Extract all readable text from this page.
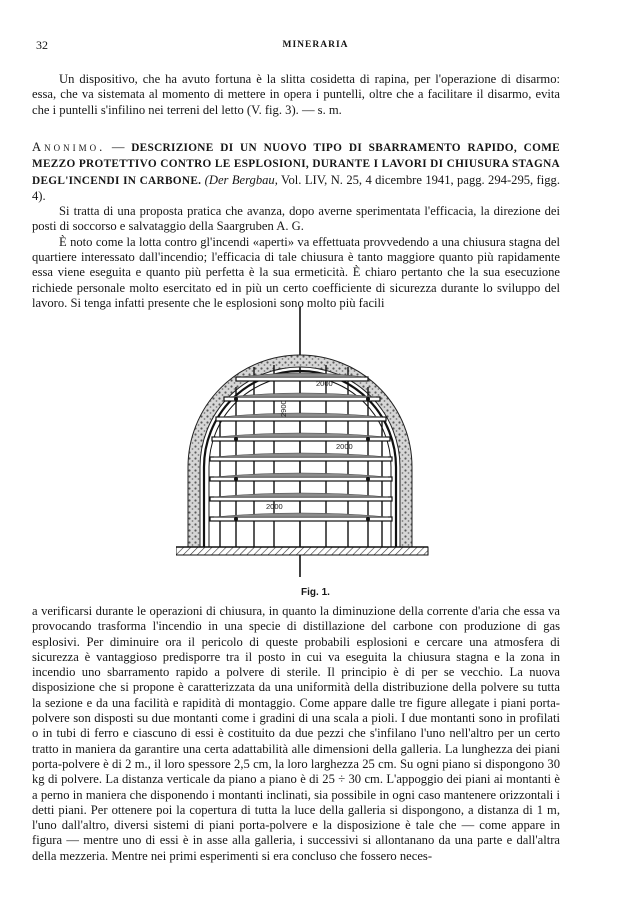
32	MINERARIA

Un dispositivo, che ha avuto fortuna è la slitta cosidetta di rapina, per l'operazione di disarmo: essa, che va sistemata al momento di mettere in opera i puntelli, oltre che a facilitare il disarmo, evita che i puntelli s'infilino nei terreni del letto (V. fig. 3). — s. m.

Anonimo. — DESCRIZIONE DI UN NUOVO TIPO DI SBARRAMENTO RAPIDO, COME MEZZO PROTETTIVO CONTRO LE ESPLOSIONI, DURANTE I LAVORI DI CHIUSURA STAGNA DEGL'INCENDI IN CARBONE. (Der Bergbau, Vol. LIV, N. 25, 4 dicembre 1941, pagg. 294-295, figg. 4).

Si tratta di una proposta pratica che avanza, dopo averne sperimentata l'efficacia, la direzione dei posti di soccorso e salvataggio della Saargruben A. G.

È noto come la lotta contro gl'incendi «aperti» va effettuata provvedendo a una chiusura stagna del quartiere interessato dall'incendio; l'efficacia di tale chiusura è tanto maggiore quanto più rapidamente essa viene eseguita e quanto più perfetta è la sua ermeticità. È chiaro pertanto che la sua esecuzione richiede personale molto esercitato ed in più un certo coefficiente di sicurezza durante lo sviluppo del lavoro. Si tenga infatti presente che le esplosioni sono molto più facili

2000
2900
2000
2000
Fig. 1.

a verificarsi durante le operazioni di chiusura, in quanto la diminuzione della corrente d'aria che essa va provocando trasforma l'incendio in una specie di distillazione del carbone con produzione di gas esplosivi. Per diminuire ora il pericolo di queste probabili esplosioni e cercare una atmosfera di sicurezza è vantaggioso predisporre tra il posto in cui va eseguita la chiusura stagna e la zona in incendio uno sbarramento rapido a polvere di sterile. Il principio è di per se vecchio. La nuova disposizione che si propone è caratterizzata da una uniformità della distribuzione della polvere su tutta la sezione e da una facilità e rapidità di montaggio. Come appare dalle tre figure allegate i piani porta-polvere son disposti su due montanti come i gradini di una scala a pioli. I due montanti sono in profilati o in tubi di ferro e ciascuno di essi è costituito da due pezzi che s'infilano l'uno nell'altro per un certo tratto in maniera da garantire una certa adattabilità alle dimensioni della galleria. La lunghezza dei piani porta-polvere è di 2 m., il loro spessore 2,5 cm, la loro larghezza 25 cm. Su ogni piano si dispongono 30 kg di polvere. La distanza verticale da piano a piano è di 25 ÷ 30 cm. L'appoggio dei piani ai montanti è a perno in maniera che disponendo i montanti inclinati, sia possibile in ogni caso mantenere orizzontali i detti piani. Per ottenere poi la copertura di tutta la luce della galleria si dispongono, a distanza di 1 m, l'uno dall'altro, diversi sistemi di piani porta-polvere e la disposizione è tale che — come appare in figura — mentre uno di essi è in asse alla galleria, i successivi si allontanano da una parte e dall'altra della mezzeria. Mentre nei primi esperimenti si era concluso che fossero neces-
